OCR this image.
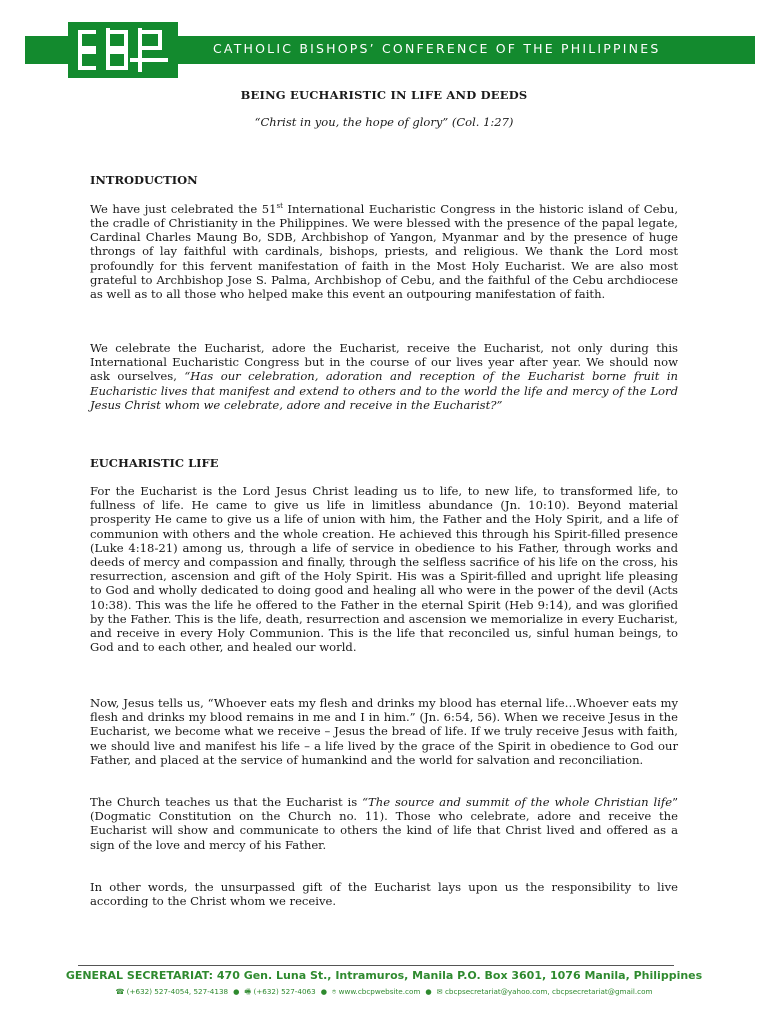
CATHOLIC BISHOPS’ CONFERENCE OF THE PHILIPPINES
BEING EUCHARISTIC IN LIFE AND DEEDS
“Christ in you, the hope of glory” (Col. 1:27)
INTRODUCTION

We have just celebrated the 51st International Eucharistic Congress in the historic island of Cebu, the cradle of Christianity in the Philippines. We were blessed with the presence of the papal legate, Cardinal Charles Maung Bo, SDB, Archbishop of Yangon, Myanmar and by the presence of huge throngs of lay faithful with cardinals, bishops, priests, and religious. We thank the Lord most profoundly for this fervent manifestation of faith in the Most Holy Eucharist. We are also most grateful to Archbishop Jose S. Palma, Archbishop of Cebu, and the faithful of the Cebu archdiocese as well as to all those who helped make this event an outpouring manifestation of faith.

We celebrate the Eucharist, adore the Eucharist, receive the Eucharist, not only during this International Eucharistic Congress but in the course of our lives year after year. We should now ask ourselves, “Has our celebration, adoration and reception of the Eucharist borne fruit in Eucharistic lives that manifest and extend to others and to the world the life and mercy of the Lord Jesus Christ whom we celebrate, adore and receive in the Eucharist?”

EUCHARISTIC LIFE

For the Eucharist is the Lord Jesus Christ leading us to life, to new life, to transformed life, to fullness of life. He came to give us life in limitless abundance (Jn. 10:10). Beyond material prosperity He came to give us a life of union with him, the Father and the Holy Spirit, and a life of communion with others and the whole creation. He achieved this through his Spirit-filled presence (Luke 4:18-21) among us, through a life of service in obedience to his Father, through works and deeds of mercy and compassion and finally, through the selfless sacrifice of his life on the cross, his resurrection, ascension and gift of the Holy Spirit. His was a Spirit-filled and upright life pleasing to God and wholly dedicated to doing good and healing all who were in the power of the devil (Acts 10:38). This was the life he offered to the Father in the eternal Spirit (Heb 9:14), and was glorified by the Father. This is the life, death, resurrection and ascension we memorialize in every Eucharist, and receive in every Holy Communion. This is the life that reconciled us, sinful human beings, to God and to each other, and healed our world.

Now, Jesus tells us, “Whoever eats my flesh and drinks my blood has eternal life…Whoever eats my flesh and drinks my blood remains in me and I in him.” (Jn. 6:54, 56). When we receive Jesus in the Eucharist, we become what we receive – Jesus the bread of life. If we truly receive Jesus with faith, we should live and manifest his life – a life lived by the grace of the Spirit in obedience to God our Father, and placed at the service of humankind and the world for salvation and reconciliation.

The Church teaches us that the Eucharist is “The source and summit of the whole Christian life” (Dogmatic Constitution on the Church no. 11). Those who celebrate, adore and receive the Eucharist will show and communicate to others the kind of life that Christ lived and offered as a sign of the love and mercy of his Father.

In other words, the unsurpassed gift of the Eucharist lays upon us the responsibility to live according to the Christ whom we receive.

GENERAL SECRETARIAT: 470 Gen. Luna St., Intramuros, Manila P.O. Box 3601, 1076 Manila, Philippines
☎ (+632) 527-4054, 527-4138 ● 🖷 (+632) 527-4063 ● ⌾ www.cbcpwebsite.com ● ✉ cbcpsecretariat@yahoo.com, cbcpsecretariat@gmail.com
